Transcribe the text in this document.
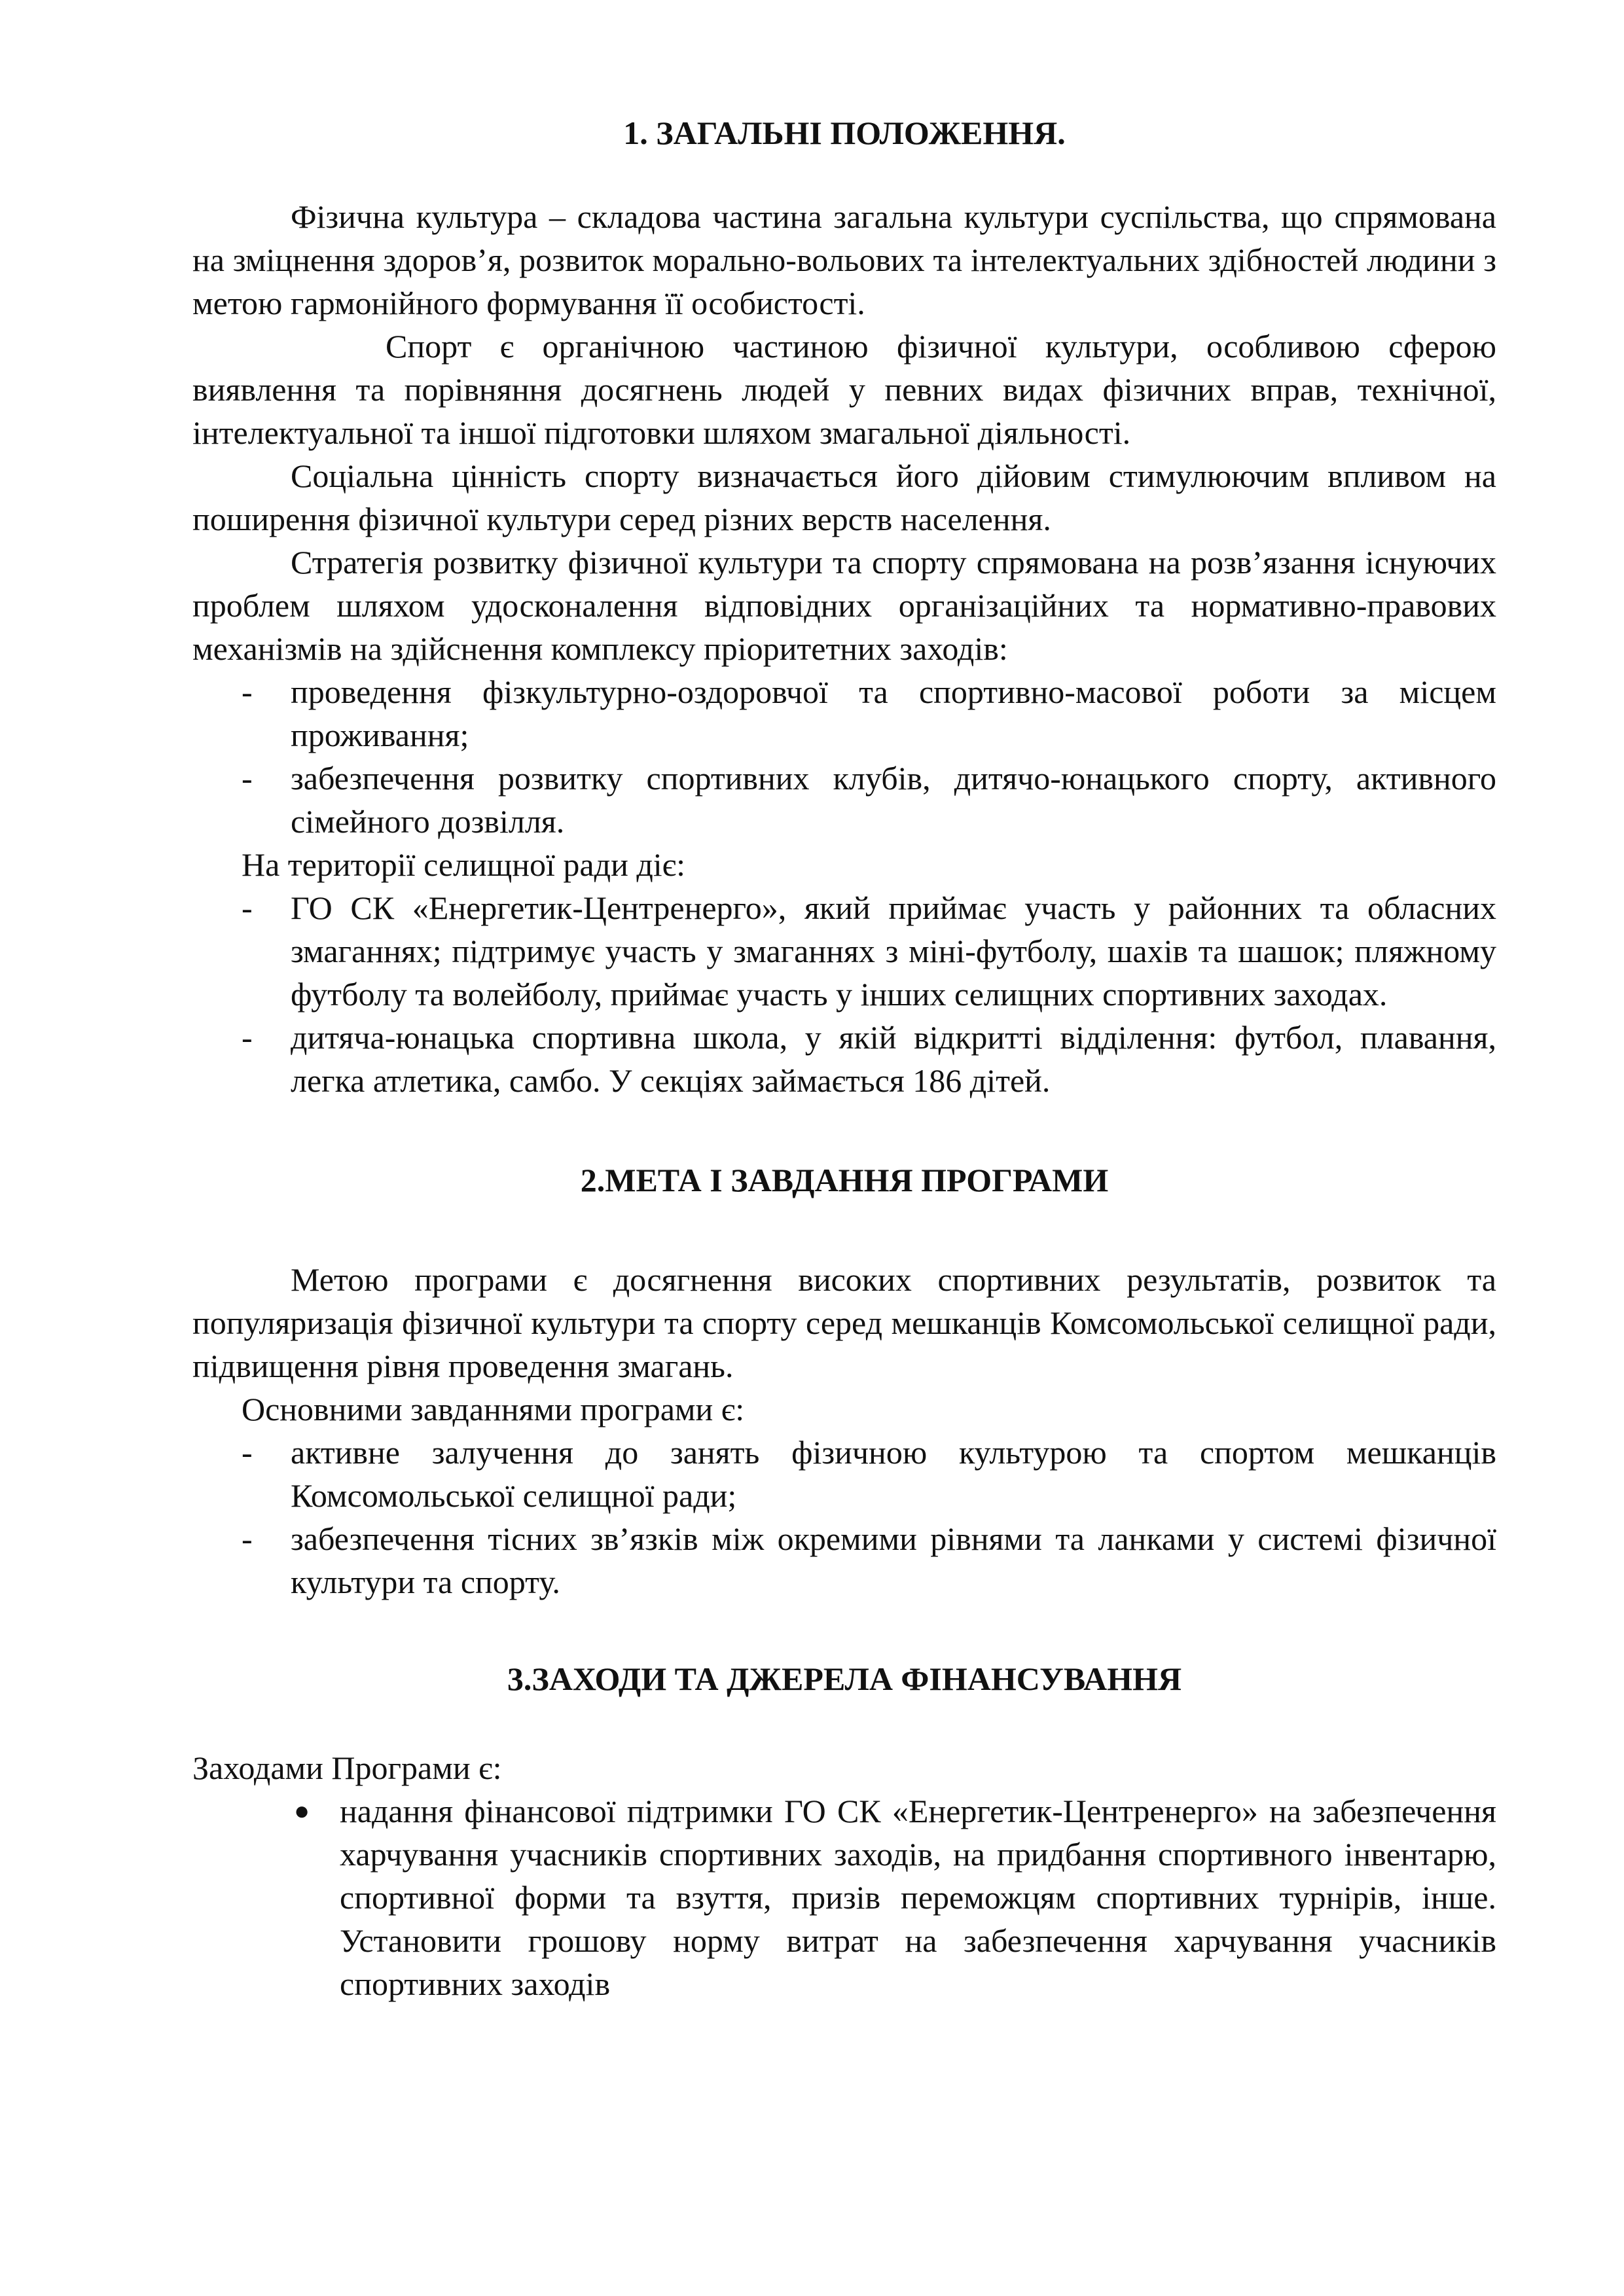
1. ЗАГАЛЬНІ ПОЛОЖЕННЯ.

Фізична культура – складова частина загальна культури суспільства, що спрямована на зміцнення здоров’я, розвиток морально-вольових та інтелектуальних здібностей людини з метою гармонійного формування її особистості.

Спорт є органічною частиною фізичної культури, особливою сферою виявлення та порівняння досягнень людей у певних видах фізичних вправ, технічної, інтелектуальної та іншої підготовки шляхом змагальної діяльності.

Соціальна цінність спорту визначається його дійовим стимулюючим впливом на поширення фізичної культури серед різних верств населення.

Стратегія розвитку фізичної культури та спорту спрямована на розв’язання існуючих проблем шляхом удосконалення відповідних організаційних та нормативно-правових механізмів на здійснення комплексу пріоритетних заходів:

- проведення фізкультурно-оздоровчої та спортивно-масової роботи за місцем проживання;
- забезпечення розвитку спортивних клубів, дитячо-юнацького спорту, активного сімейного дозвілля.

На території селищної ради діє:

- ГО СК «Енергетик-Центренерго», який приймає участь у районних та обласних змаганнях; підтримує участь у змаганнях з міні-футболу, шахів та шашок; пляжному футболу та волейболу, приймає участь у інших селищних спортивних заходах.
- дитяча-юнацька спортивна школа, у якій відкритті відділення: футбол, плавання, легка атлетика, самбо. У секціях займається 186 дітей.
2.МЕТА І ЗАВДАННЯ ПРОГРАМИ

Метою програми є досягнення високих спортивних результатів, розвиток та популяризація фізичної культури та спорту серед мешканців Комсомольської селищної ради, підвищення рівня проведення змагань.

Основними завданнями програми є:

- активне залучення до занять фізичною культурою та спортом мешканців Комсомольської селищної ради;
- забезпечення тісних зв’язків між окремими рівнями та ланками у системі фізичної культури та спорту.
3.ЗАХОДИ ТА ДЖЕРЕЛА ФІНАНСУВАННЯ

Заходами Програми є:

● надання фінансової підтримки ГО СК «Енергетик-Центренерго» на забезпечення харчування учасників спортивних заходів, на придбання спортивного інвентарю, спортивної форми та взуття, призів переможцям спортивних турнірів, інше. Установити грошову норму витрат на забезпечення харчування учасників спортивних заходів
